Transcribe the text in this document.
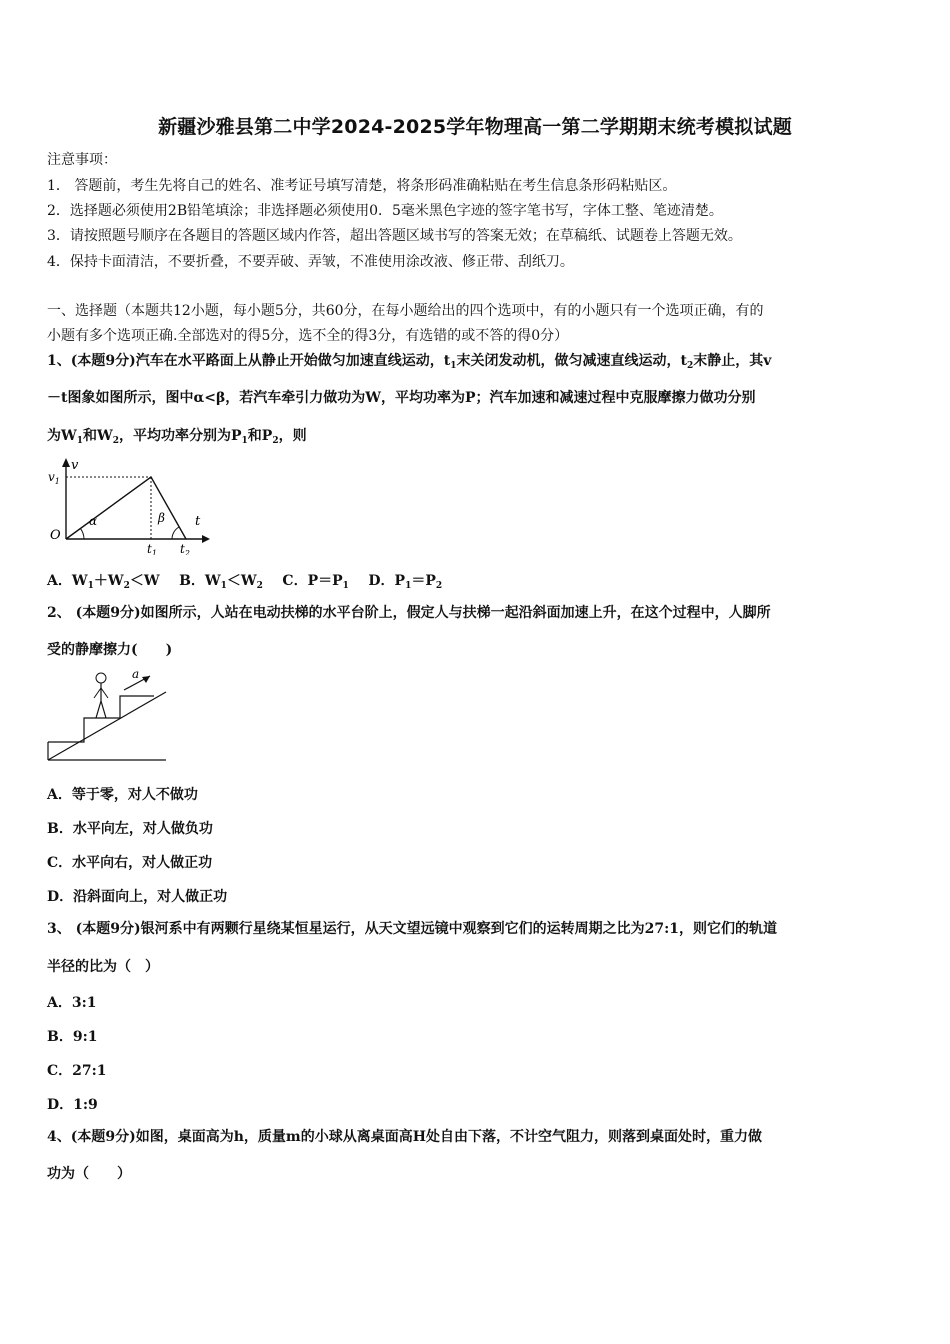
新疆沙雅县第二中学2024-2025学年物理高一第二学期期末统考模拟试题
注意事项：
1． 答题前，考生先将自己的姓名、准考证号填写清楚，将条形码准确粘贴在考生信息条形码粘贴区。
2．选择题必须使用2B铅笔填涂；非选择题必须使用0．5毫米黑色字迹的签字笔书写，字体工整、笔迹清楚。
3．请按照题号顺序在各题目的答题区域内作答，超出答题区域书写的答案无效；在草稿纸、试题卷上答题无效。
4．保持卡面清洁，不要折叠，不要弄破、弄皱，不准使用涂改液、修正带、刮纸刀。
一、选择题（本题共12小题，每小题5分，共60分，在每小题给出的四个选项中，有的小题只有一个选项正确，有的
小题有多个选项正确.全部选对的得5分，选不全的得3分，有选错的或不答的得0分）
1、(本题9分)汽车在水平路面上从静止开始做匀加速直线运动，$t_1$末关闭发动机，做匀减速直线运动，$t_2$末静止，其v
－t图象如图所示，图中α<β，若汽车牵引力做功为W，平均功率为P；汽车加速和减速过程中克服摩擦力做功分别
为$W_1$和$W_2$，平均功率分别为$P_1$和$P_2$，则
v
$v_1$
O
α	β t
$t_1$ $t_2$
A．$W_1+W_2<W$ B．$W_1<W_2$ C．$P=P_1$ D．$P_1=P_2$
2、 (本题9分)如图所示，人站在电动扶梯的水平台阶上，假定人与扶梯一起沿斜面加速上升，在这个过程中，人脚所
受的静摩擦力(　　)
a
A．等于零，对人不做功
B．水平向左，对人做负功
C．水平向右，对人做正功
D．沿斜面向上，对人做正功
3、 (本题9分)银河系中有两颗行星绕某恒星运行，从天文望远镜中观察到它们的运转周期之比为27:1，则它们的轨道
半径的比为（　）
A．3:1
B．9:1
C．27:1
D．1:9
4、(本题9分)如图，桌面高为h，质量m的小球从离桌面高H处自由下落，不计空气阻力，则落到桌面处时，重力做
功为（　　）
